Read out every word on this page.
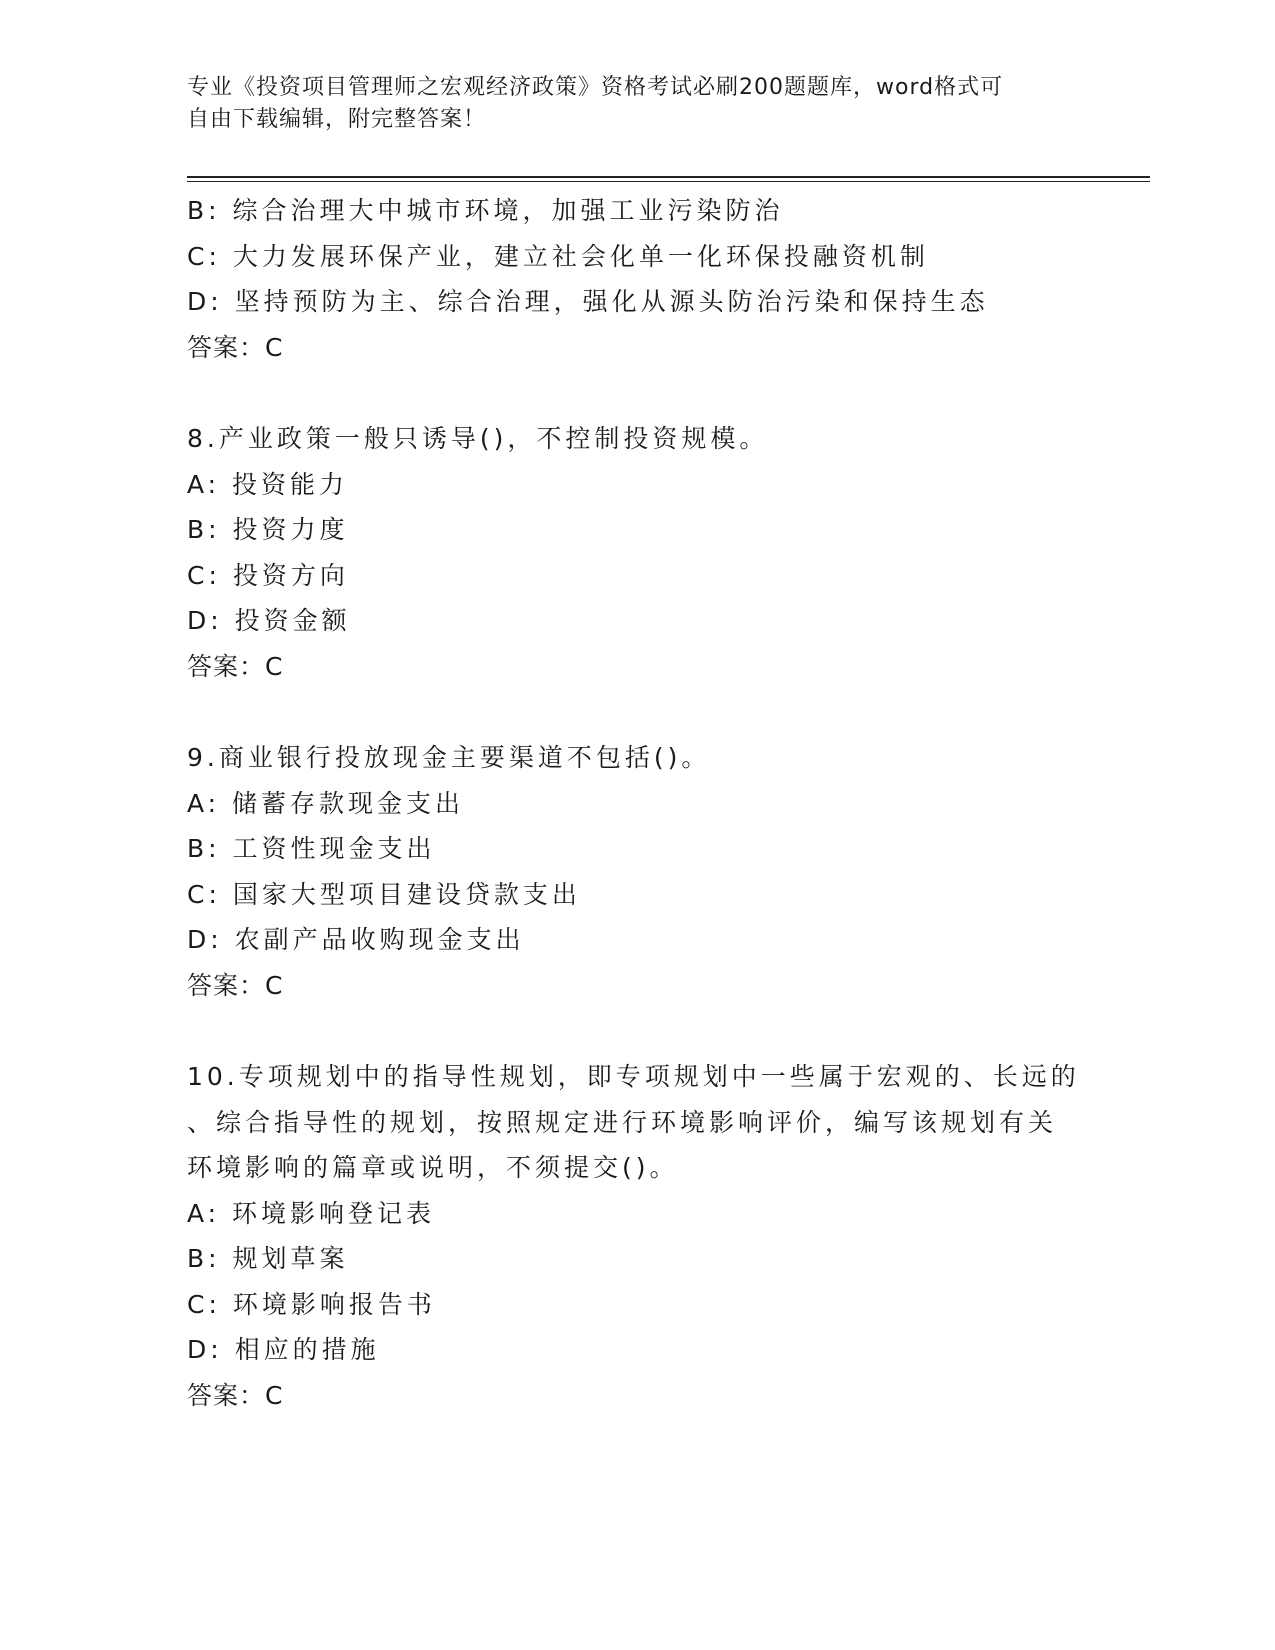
专业《投资项目管理师之宏观经济政策》资格考试必刷200题题库，word格式可
自由下载编辑，附完整答案！
B: 综合治理大中城市环境，加强工业污染防治
C: 大力发展环保产业，建立社会化单一化环保投融资机制
D: 坚持预防为主、综合治理，强化从源头防治污染和保持生态
答案：C
8.产业政策一般只诱导()，不控制投资规模。
A: 投资能力
B: 投资力度
C: 投资方向
D: 投资金额
答案：C
9.商业银行投放现金主要渠道不包括()。
A: 储蓄存款现金支出
B: 工资性现金支出
C: 国家大型项目建设贷款支出
D: 农副产品收购现金支出
答案：C
10.专项规划中的指导性规划，即专项规划中一些属于宏观的、长远的
、综合指导性的规划，按照规定进行环境影响评价，编写该规划有关
环境影响的篇章或说明，不须提交()。
A: 环境影响登记表
B: 规划草案
C: 环境影响报告书
D: 相应的措施
答案：C
